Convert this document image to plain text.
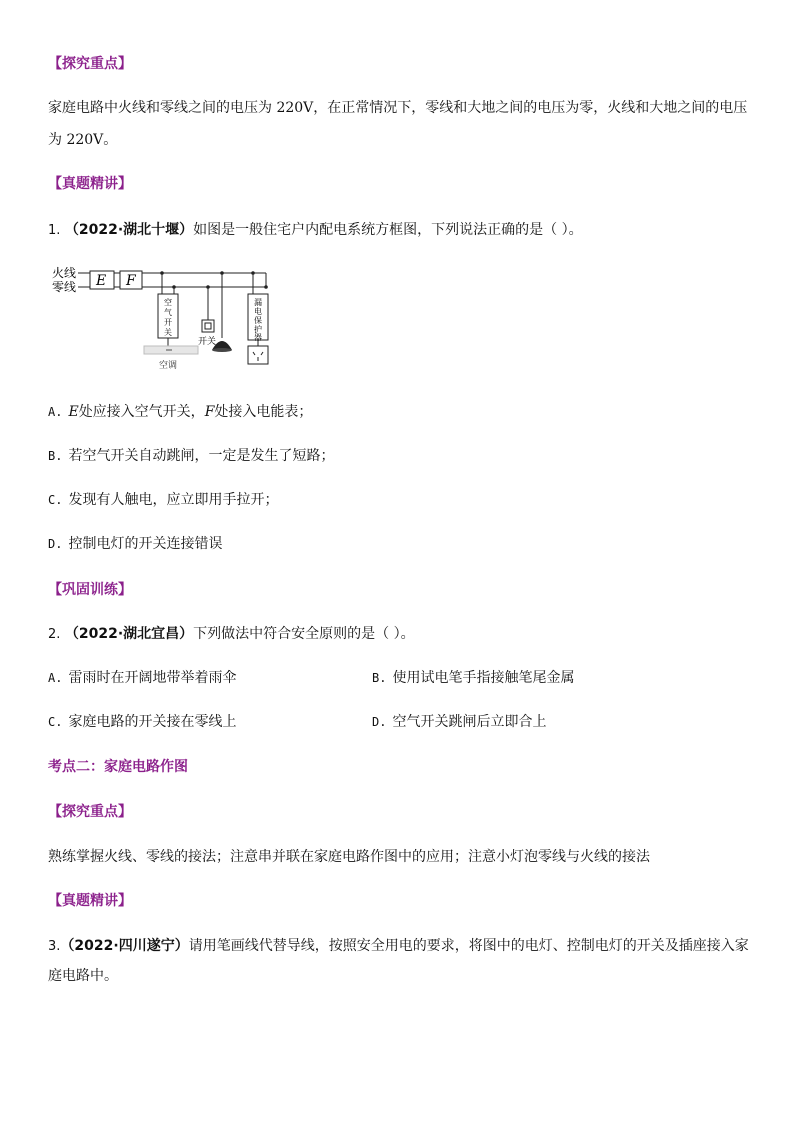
【探究重点】
家庭电路中火线和零线之间的电压为 220V，在正常情况下，零线和大地之间的电压为零，火线和大地之间的电压
为 220V。
【真题精讲】
1. （2022·湖北十堰）如图是一般住宅户内配电系统方框图，下列说法正确的是（ ）。
火线
零线 E F
空 气 开 关
空调
开关
漏 电 保 护 器
A. E处应接入空气开关，F处接入电能表；
B. 若空气开关自动跳闸，一定是发生了短路；
C. 发现有人触电，应立即用手拉开；
D. 控制电灯的开关连接错误
【巩固训练】
2. （2022·湖北宜昌）下列做法中符合安全原则的是（ ）。
A. 雷雨时在开阔地带举着雨伞	B. 使用试电笔手指接触笔尾金属
C. 家庭电路的开关接在零线上	D. 空气开关跳闸后立即合上
考点二：家庭电路作图
【探究重点】
熟练掌握火线、零线的接法；注意串并联在家庭电路作图中的应用；注意小灯泡零线与火线的接法
【真题精讲】
3.（2022·四川遂宁）请用笔画线代替导线，按照安全用电的要求，将图中的电灯、控制电灯的开关及插座接入家
庭电路中。
